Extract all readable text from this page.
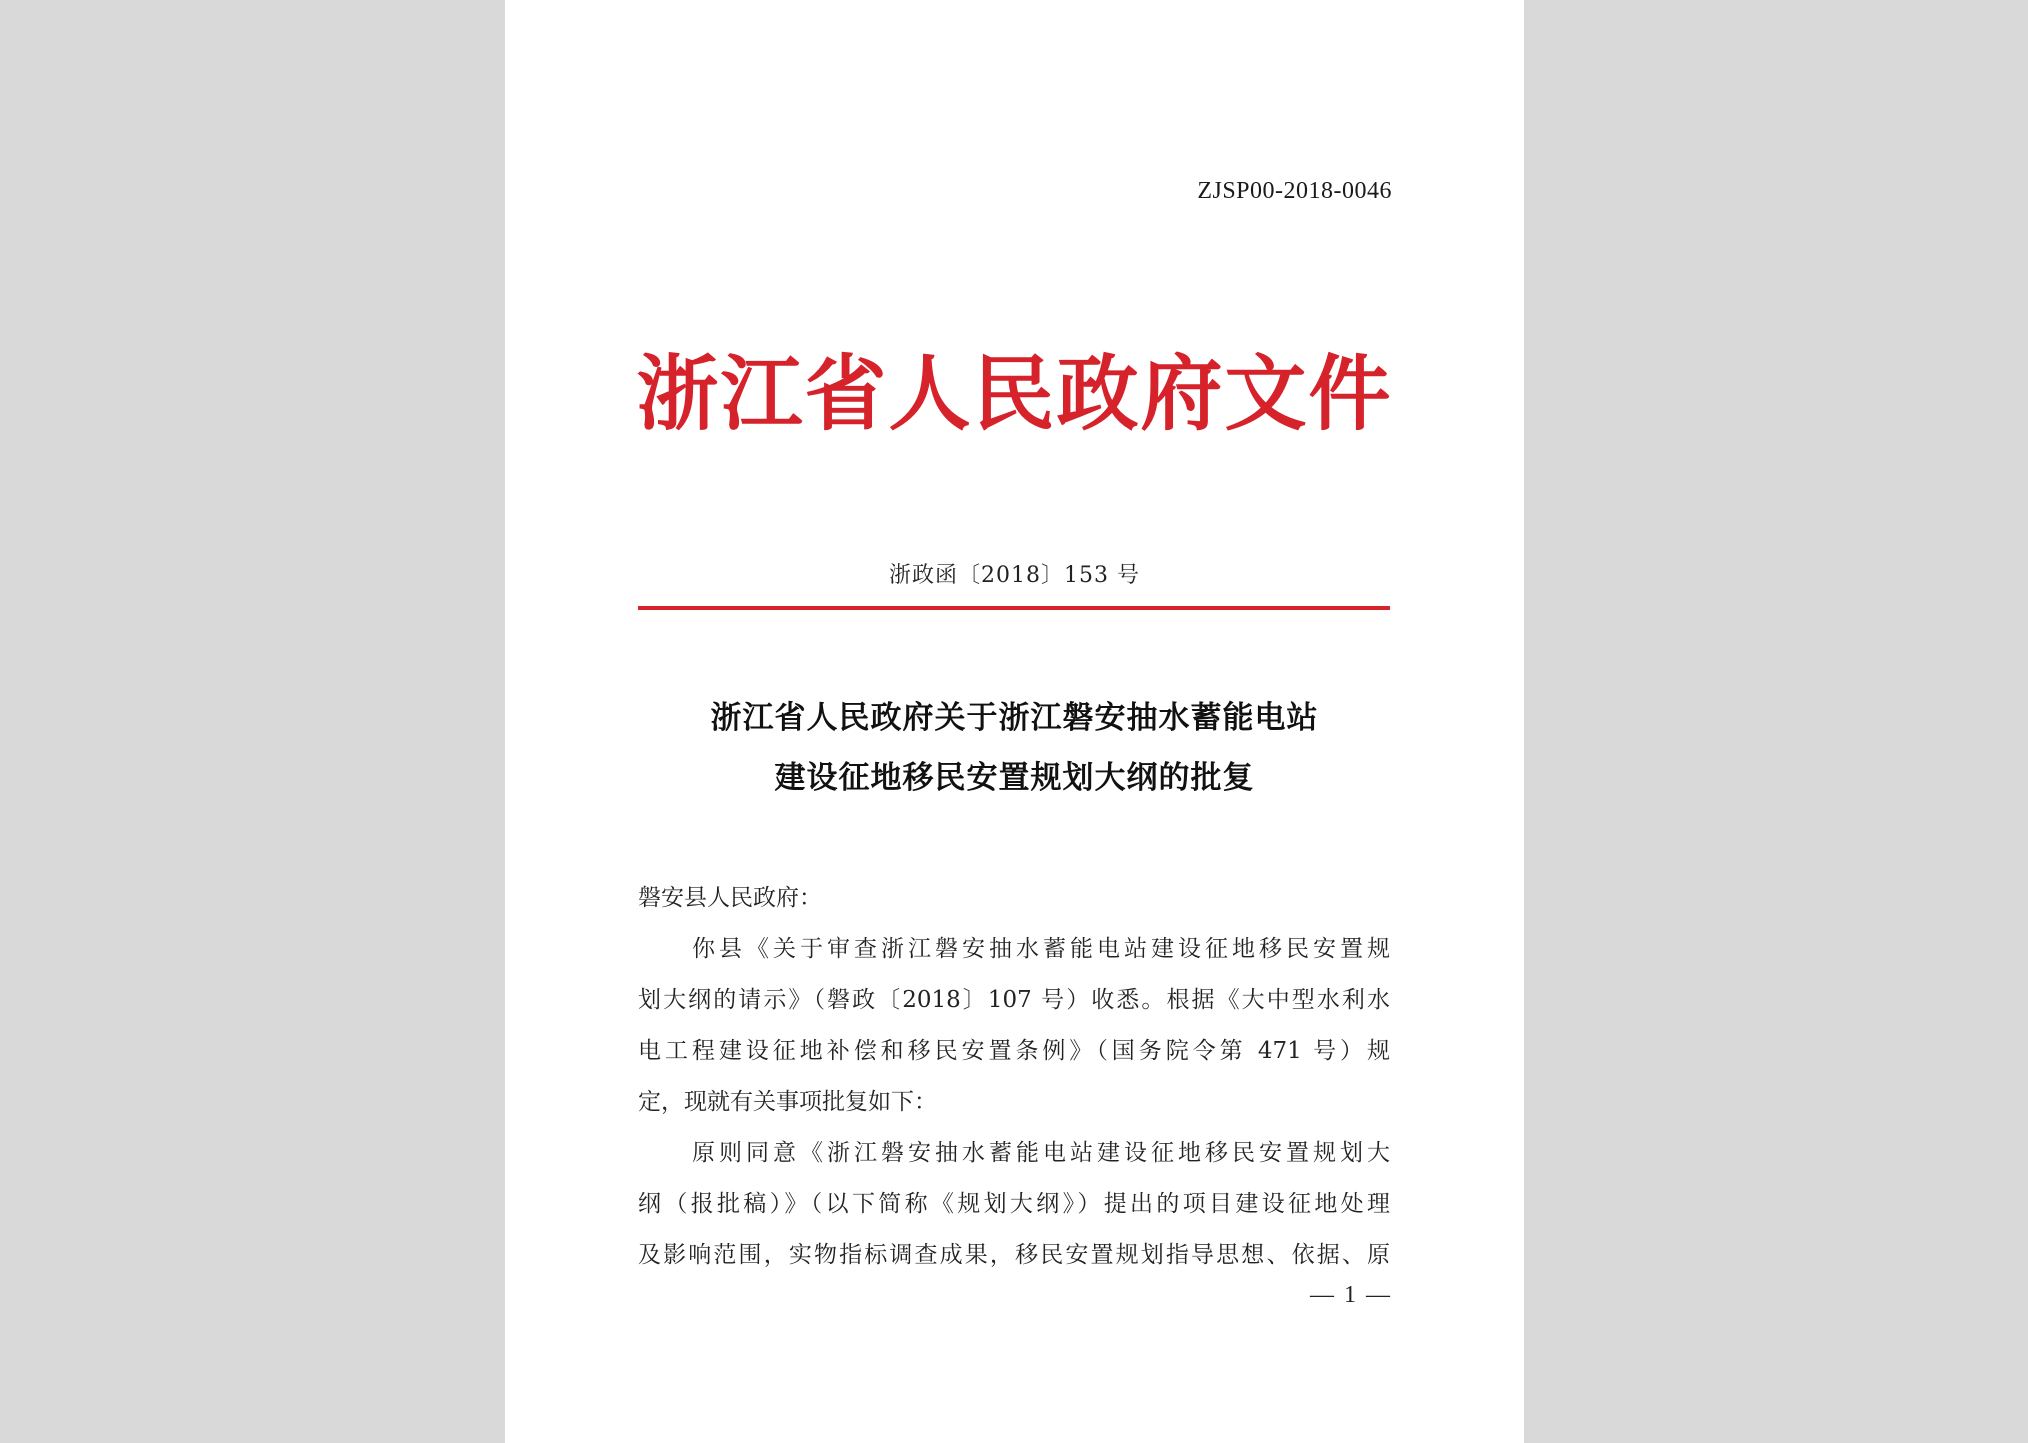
ZJSP00-2018-0046
浙江省人民政府文件
浙政函〔2018〕153 号
浙江省人民政府关于浙江磐安抽水蓄能电站
建设征地移民安置规划大纲的批复

磐安县人民政府：

　　你县《关于审查浙江磐安抽水蓄能电站建设征地移民安置规
划大纲的请示》（磐政〔2018〕107 号）收悉。根据《大中型水利水
电工程建设征地补偿和移民安置条例》（国务院令第 471 号）规

定，现就有关事项批复如下：

　　原则同意《浙江磐安抽水蓄能电站建设征地移民安置规划大
纲（报批稿）》（以下简称《规划大纲》）提出的项目建设征地处理
及影响范围，实物指标调查成果，移民安置规划指导思想、依据、原
— 1 —
